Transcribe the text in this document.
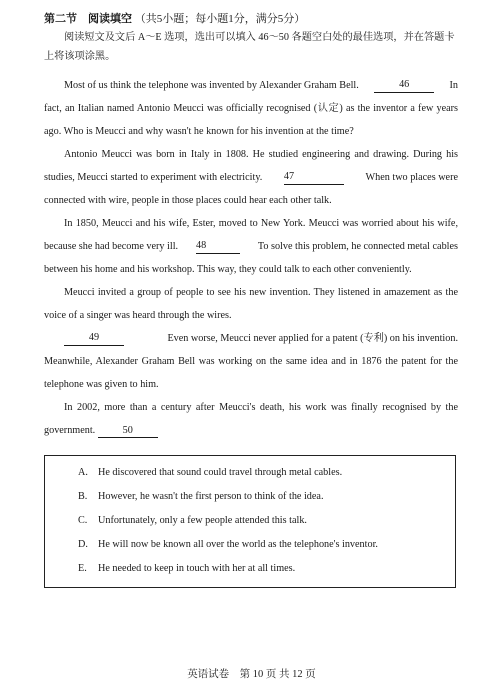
第二节　阅读填空 （共5小题；每小题1分，满分5分）
阅读短文及文后 A～E 选项，选出可以填入 46～50 各题空白处的最佳选项，并在答题卡
上将该项涂黑。
Most of us think the telephone was invented by Alexander Graham Bell.	46	In
fact, an Italian named Antonio Meucci was officially recognised (认定) as the inventor a few years
ago. Who is Meucci and why wasn't he known for his invention at the time?
Antonio Meucci was born in Italy in 1808. He studied engineering and drawing. During his
studies, Meucci started to experiment with electricity. 47	When two places were
connected with wire, people in those places could hear each other talk.
In 1850, Meucci and his wife, Ester, moved to New York. Meucci was worried about his wife,
because she had become very ill. 48	To solve this problem, he connected metal cables
between his home and his workshop. This way, they could talk to each other conveniently.
Meucci invited a group of people to see his new invention. They listened in amazement as the
voice of a singer was heard through the wires.
49	Even worse, Meucci never applied for a patent (专利) on his invention.
Meanwhile, Alexander Graham Bell was working on the same idea and in 1876 the patent for the
telephone was given to him.
In 2002, more than a century after Meucci's death, his work was finally recognised by the
government.	50
A. He discovered that sound could travel through metal cables.
B. However, he wasn't the first person to think of the idea.
C. Unfortunately, only a few people attended this talk.
D. He will now be known all over the world as the telephone's inventor.
E. He needed to keep in touch with her at all times.
英语试卷　第 10 页 共 12 页
